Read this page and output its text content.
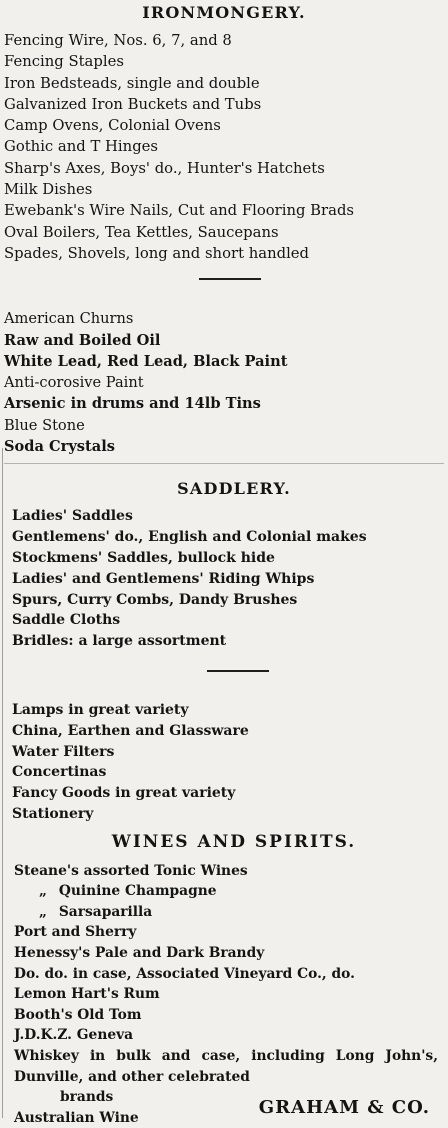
IRONMONGERY.
Fencing Wire, Nos. 6, 7, and 8
Fencing Staples
Iron Bedsteads, single and double
Galvanized Iron Buckets and Tubs
Camp Ovens, Colonial Ovens
Gothic and T Hinges
Sharp's Axes, Boys' do., Hunter's Hatchets
Milk Dishes
Ewebank's Wire Nails, Cut and Flooring Brads
Oval Boilers, Tea Kettles, Saucepans
Spades, Shovels, long and short handled
American Churns
Raw and Boiled Oil
White Lead, Red Lead, Black Paint
Anti-corosive Paint
Arsenic in drums and 14lb Tins
Blue Stone
Soda Crystals
SADDLERY.
Ladies' Saddles
Gentlemens' do., English and Colonial makes
Stockmens' Saddles, bullock hide
Ladies' and Gentlemens' Riding Whips
Spurs, Curry Combs, Dandy Brushes
Saddle Cloths
Bridles: a large assortment
Lamps in great variety
China, Earthen and Glassware
Water Filters
Concertinas
Fancy Goods in great variety
Stationery
WINES AND SPIRITS.
Steane's assorted Tonic Wines
„ Quinine Champagne
„ Sarsaparilla
Port and Sherry
Henessy's Pale and Dark Brandy
Do. do. in case, Associated Vineyard Co., do.
Lemon Hart's Rum
Booth's Old Tom
J.D.K.Z. Geneva
Whiskey in bulk and case, including Long John's, Dunville, and other celebrated
brands
Australian Wine	GRAHAM & CO.
